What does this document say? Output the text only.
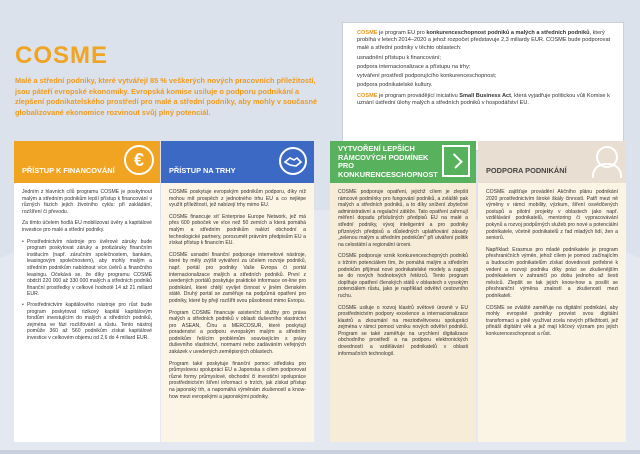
COSME
Malé a střední podniky, které vytvářejí 85 % veškerých nových pracovních příležitostí, jsou páteří evropské ekonomiky. Evropská komise usiluje o podporu podnikání a zlepšení podnikatelského prostředí pro malé a střední podniky, aby mohly v současné globalizované ekonomice rozvinout svůj plný potenciál.

COSME je program EU pro konkurenceschopnost podniků a malých a středních podniků, který probíhá v letech 2014–2020 a jehož rozpočet představuje 2,3 miliardy EUR. COSME bude podporovat malé a střední podniky v těchto oblastech:

usnadnění přístupu k financování;
podpora internacionalizace a přístupu na trhy;
vytváření prostředí podporujícího konkurenceschopnost;
podpora podnikatelské kultury.

COSME je program provádějící iniciativu Small Business Act, která vyjadřuje politickou vůli Komise k uznání ústřední úlohy malých a středních podniků v hospodářství EU.

PŘÍSTUP K FINANCOVÁNÍ
€

Jedním z hlavních cílů programu COSME je poskytnout malým a středním podnikům lepší přístup k financování v různých fázích jejich životního cyklu: při zakládání, rozšíření či převodu.

Za tímto účelem hodlá EU mobilizovat úvěry a kapitálové investice pro malé a střední podniky.

• Prostřednictvím nástroje pro úvěrové záruky bude program poskytovat záruky a protizáruky finančním institucím (např. záručním společnostem, bankám, leasingovým společnostem), aby mohly malým a středním podnikům nabídnout více úvěrů a finančního leasingu. Očekává se, že díky programu COSME obdrží 220 000 až 330 000 malých a středních podniků finanční prostředky v celkové hodnotě 14 až 21 miliard EUR.
• Prostřednictvím kapitálového nástroje pro růst bude program poskytovat rizikový kapitál kapitálovým fondům investujícím do malých a středních podniků, zejména ve fázi rozšiřování a růstu. Tento nástroj pomůže 360 až 560 podnikům získat kapitálové investice v celkovém objemu od 2,6 do 4 miliard EUR.
PŘÍSTUP NA TRHY

COSME poskytuje evropským podnikům podporu, díky níž mohou mít prospěch z jednotného trhu EU a co nejlépe využít příležitostí, jež nabízejí trhy mimo EU.

COSME financuje síť Enterprise Europe Network, jež má přes 600 poboček ve více než 50 zemích a která pomáhá malým a středním podnikům nalézt obchodní a technologické partnery, porozumět právním předpisům EU a získat přístup k financím EU.

COSME usnadní finanční podporuje internetové nástroje, které by měly zvýšit vytváření za účelem rozvoje podniků, např. portál pro podniky Vaše Evropa či portál internacionalizace malých a středních podniků. První z uvedených portálů poskytuje praktické informace on-line pro podnikání, které chtějí vyvíjet činnost v jiném členském státě. Druhý portál se zaměřuje na podpůrná opatření pro podniky, které by přejí rozšířit svou působnost mimo Evropu.

Program COSME financuje asistenční služby pro práva malých a středních podniků v oblasti duševního vlastnictví pro ASEAN, Čínu a MERCOSUR, které poskytují poradenství a podporu evropským malým a středním podnikům řešícím problémům souvisejícím s právy duševního vlastnictví, normami nebo zadáváním veřejných zakázek v uvedených zeměpisných oblastech.

Program také poskytuje finanční pomoc středisku pro průmyslovou spolupráci EU a Japonska s cílem podporovat různé formy průmyslové, obchodní či investiční spolupráce prostřednictvím šíření informací o trzích, jak získat přístup na japonský trh, a napomáhá výměnám zkušeností a know-how mezi evropskými a japonskými podniky.

VYTVOŘENÍ LEPŠÍCH RÁMCOVÝCH PODMÍNEK PRO KONKURENCESCHOPNOST

COSME podporuje opatření, jejichž cílem je zlepšit rámcové podmínky pro fungování podniků, a zvláště pak malých a středních podniků, a to díky snížení zbytečné administrativní a regulační zátěže. Tato opatření zahrnují měření dopadu příslušných předpisů EU na malé a střední podniky, vývoj inteligentní a pro podniky příznivých předpisů a důsledných uplatňování zásady „zelenou malým a středním podnikům" při utváření politik na celostátní a regionální úrovni.

COSME podporuje vznik konkurenceschopných podniků s tržním potenciálem tím, že pomáhá malým a středním podnikům přijímat nové podnikatelské modely a zapojit se do nových hodnotových řetězců. Tento program doplňuje opatření členských států v oblastech s vysokým potenciálem růstu, jako je například odvětví cestovního ruchu.

COSME usiluje o rozvoj klastrů světové úrovně v EU prostřednictvím podpory excelence a internacionalizace klastrů a zkoumání na meziodvětvovou spolupráci zejména v rámci pomoci vzniku nových odvětví podniků. Program se také zaměřuje na urychlení digitalizace obchodního prostředí a na podporu elektronických dovedností a vzdělávání podnikatelů v oblasti informačních technologií.

PODPORA PODNIKÁNÍ

COSME zajišťuje provádění Akčního plánu podnikání 2020 prostřednictvím široké škály činností. Patří mezi ně výměny v rámci mobility, výzkum, šíření osvědčených postupů a pilotní projekty v oblastech jako např. vzdělávání podnikatelů, mentoring či vypracovávání pokynů a rozvoj podpůrných služeb pro nové a potenciální podnikatele, včetně podnikatelů z řad mladých lidí, žen a seniorů.

Například: Erasmus pro mladé podnikatele je program přeshraničních výměn, jehož cílem je pomoci začínajícím a budoucím podnikatelům získat dovednosti potřebné k vedení a rozvoji podniku díky práci se zkušenějším podnikatelem v zahraničí po dobu jednoho až šesti měsíců. Zlepšit se tak jejich know-how a posílit se přeshraniční výměna znalostí a zkušeností mezi podnikateli.

COSME se zvláště zaměřuje na digitální podnikání, aby mohly evropské podniky provést svou digitální transformaci a plně využívat zcela nových příležitostí, jež přináší digitální věk a jež mají klíčový význam pro jejich konkurenceschopnost a růst.
